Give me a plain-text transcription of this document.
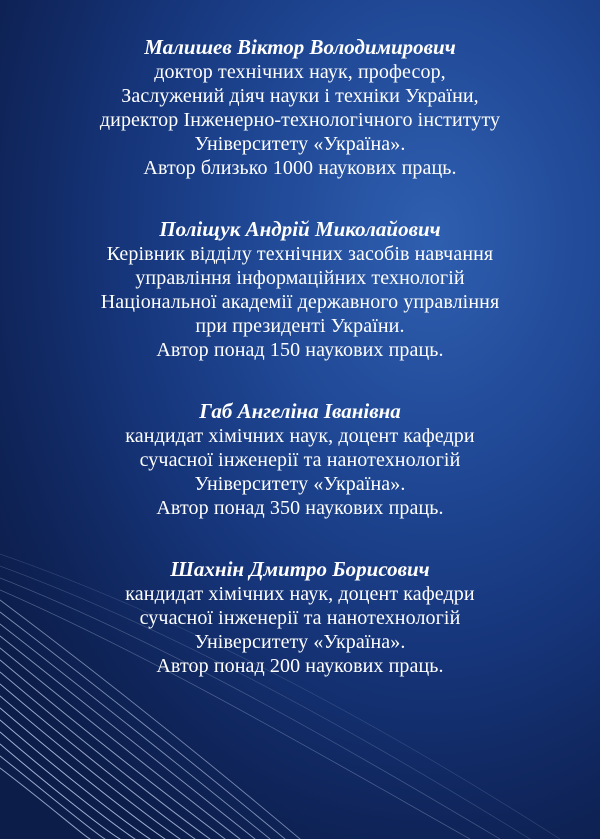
Малишев Віктор Володимирович

доктор технічних наук, професор,

Заслужений діяч науки і техніки України,

директор Інженерно-технологічного інституту

Університету «Україна».

Автор близько 1000 наукових праць.

Поліщук Андрій Миколайович

Керівник відділу технічних засобів навчання

управління інформаційних технологій

Національної академії державного управління

при президенті України.

Автор понад 150 наукових праць.

Габ Ангеліна Іванівна

кандидат хімічних наук, доцент кафедри

сучасної інженерії та нанотехнологій

Університету «Україна».

Автор понад 350 наукових праць.

Шахнін Дмитро Борисович

кандидат хімічних наук, доцент кафедри

сучасної інженерії та нанотехнологій

Університету «Україна».

Автор понад 200 наукових праць.
